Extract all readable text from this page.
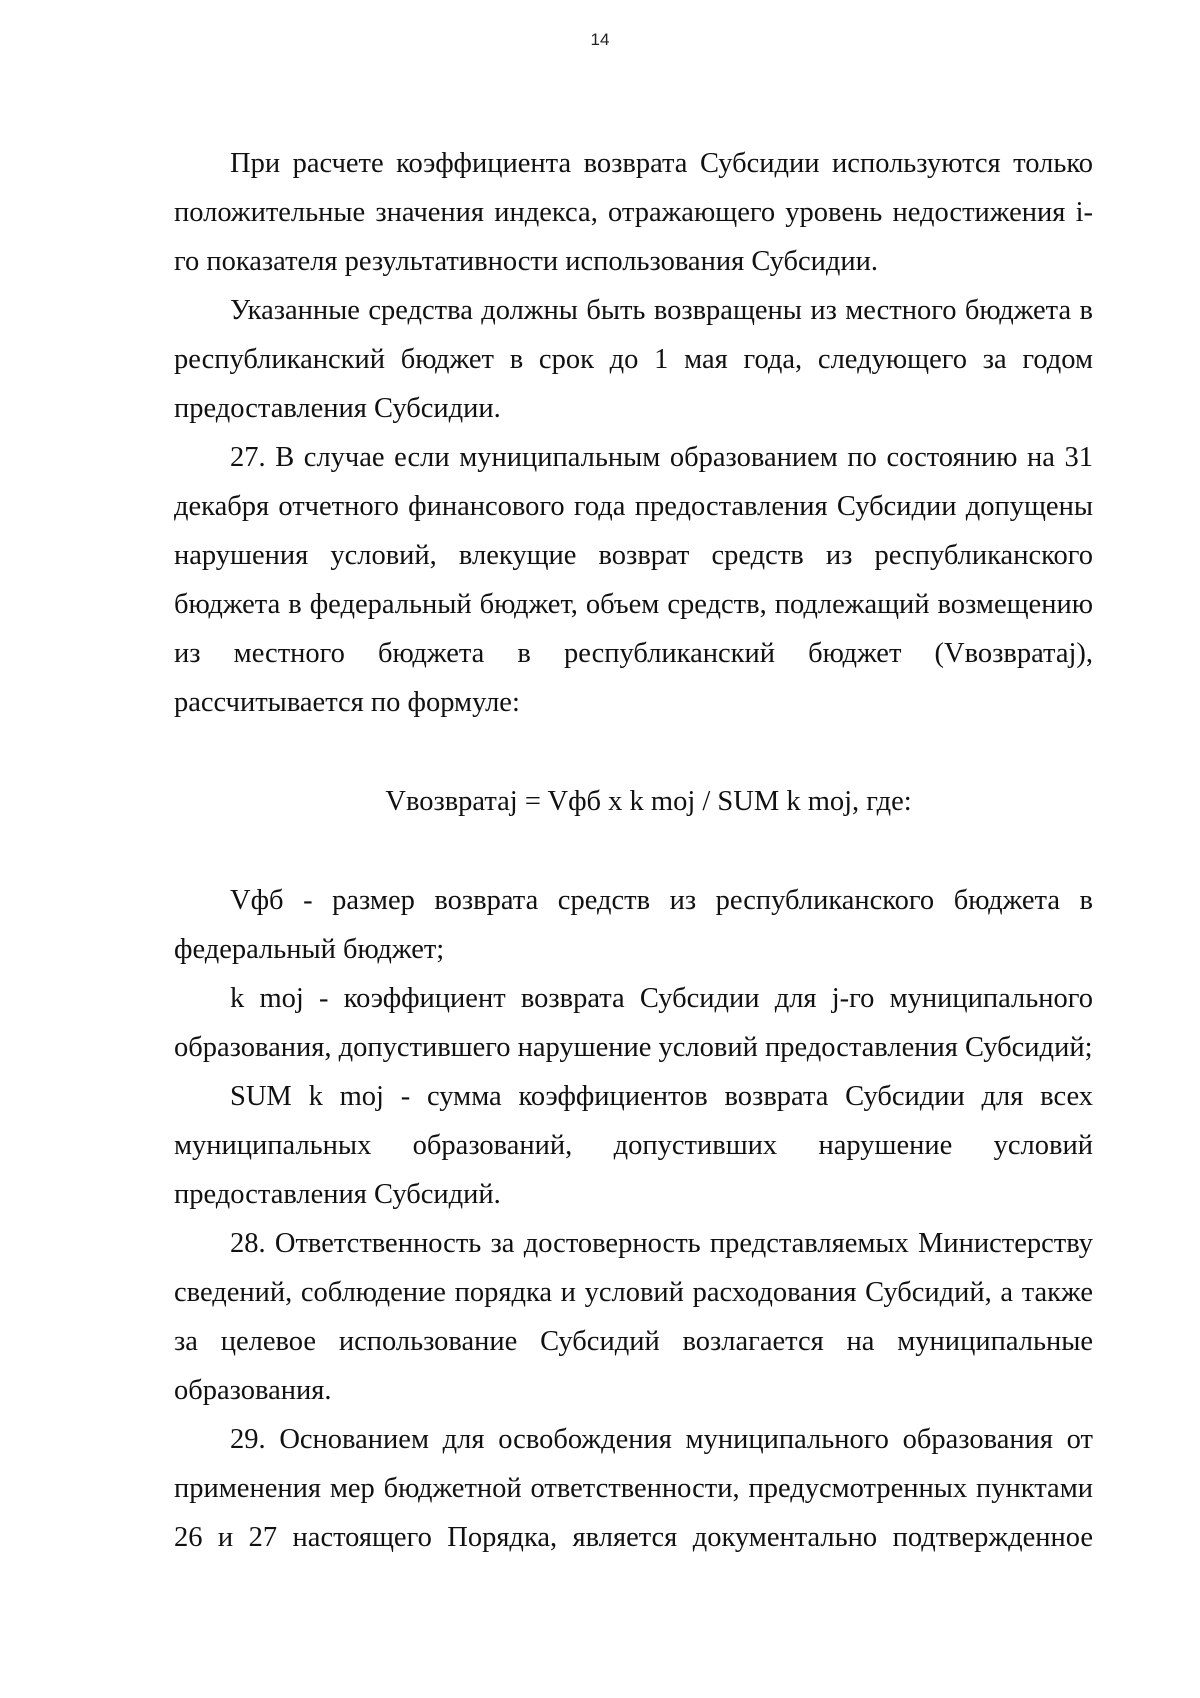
14

При расчете коэффициента возврата Субсидии используются только положительные значения индекса, отражающего уровень недостижения i-го показателя результативности использования Субсидии.

Указанные средства должны быть возвращены из местного бюджета в республиканский бюджет в срок до 1 мая года, следующего за годом предоставления Субсидии.

27. В случае если муниципальным образованием по состоянию на 31 декабря отчетного финансового года предоставления Субсидии допущены нарушения условий, влекущие возврат средств из республиканского бюджета в федеральный бюджет, объем средств, подлежащий возмещению из местного бюджета в республиканский бюджет (Vвозвратаj), рассчитывается по формуле:

Vвозвратаj = Vфб x k moj / SUM k moj, где:

Vфб - размер возврата средств из республиканского бюджета в федеральный бюджет;

k moj - коэффициент возврата Субсидии для j-го муниципального образования, допустившего нарушение условий предоставления Субсидий;

SUM k moj - сумма коэффициентов возврата Субсидии для всех муниципальных образований, допустивших нарушение условий предоставления Субсидий.

28. Ответственность за достоверность представляемых Министерству сведений, соблюдение порядка и условий расходования Субсидий, а также за целевое использование Субсидий возлагается на муниципальные образования.

29. Основанием для освобождения муниципального образования от применения мер бюджетной ответственности, предусмотренных пунктами 26 и 27 настоящего Порядка, является документально подтвержденное
